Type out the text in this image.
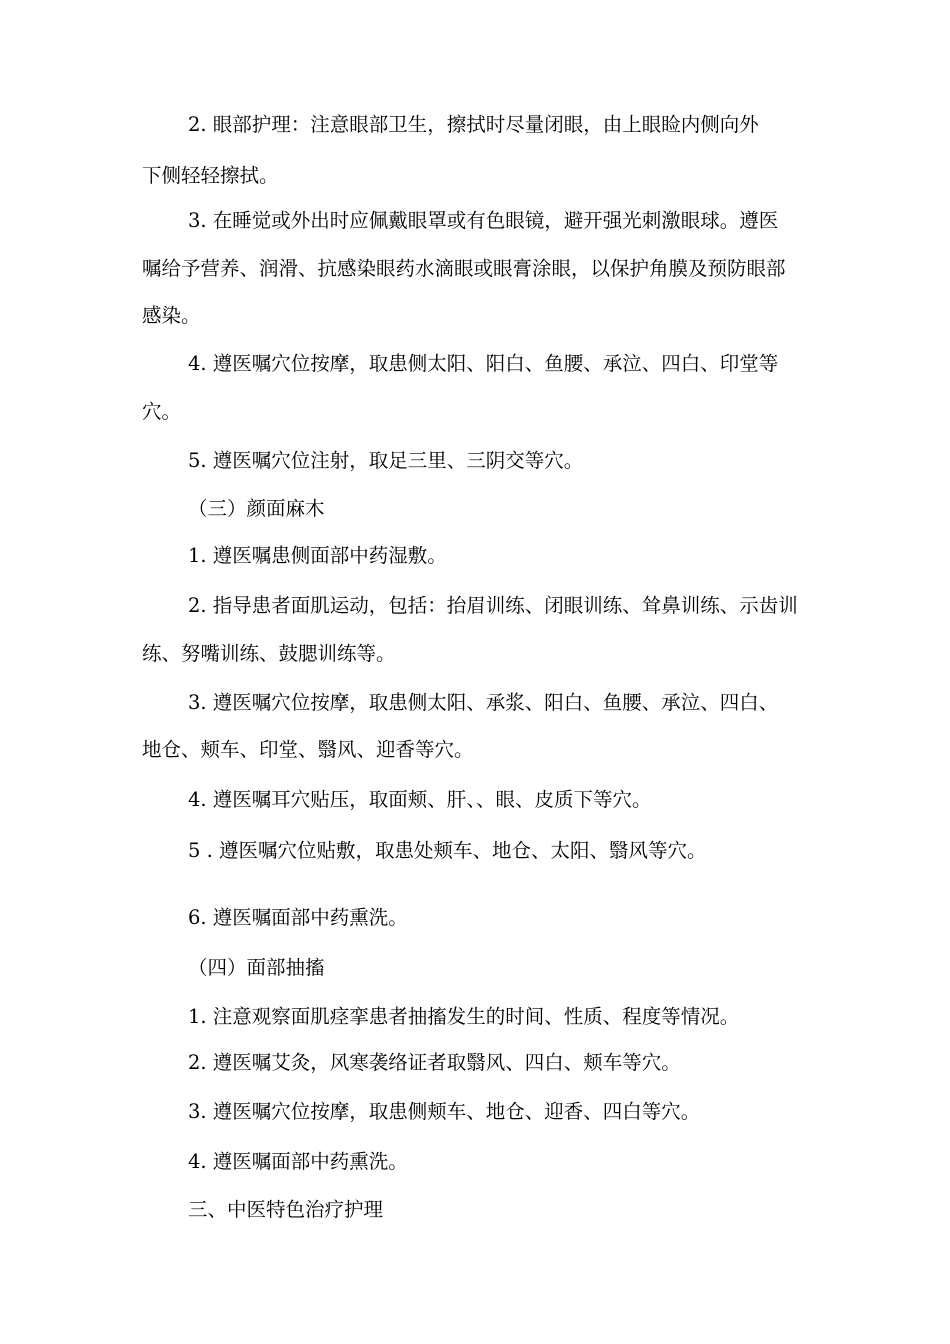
2. 眼部护理：注意眼部卫生，擦拭时尽量闭眼，由上眼睑内侧向外

下侧轻轻擦拭。

3. 在睡觉或外出时应佩戴眼罩或有色眼镜，避开强光刺激眼球。遵医

嘱给予营养、润滑、抗感染眼药水滴眼或眼膏涂眼，以保护角膜及预防眼部

感染。

4. 遵医嘱穴位按摩，取患侧太阳、阳白、鱼腰、承泣、四白、印堂等

穴。

5. 遵医嘱穴位注射，取足三里、三阴交等穴。

（三）颜面麻木

1. 遵医嘱患侧面部中药湿敷。

2. 指导患者面肌运动，包括：抬眉训练、闭眼训练、耸鼻训练、示齿训

练、努嘴训练、鼓腮训练等。

3. 遵医嘱穴位按摩，取患侧太阳、承浆、阳白、鱼腰、承泣、四白、

地仓、颊车、印堂、翳风、迎香等穴。

4. 遵医嘱耳穴贴压，取面颊、肝、、眼、皮质下等穴。

5 . 遵医嘱穴位贴敷，取患处颊车、地仓、太阳、翳风等穴。

6. 遵医嘱面部中药熏洗。

（四）面部抽搐

1. 注意观察面肌痉挛患者抽搐发生的时间、性质、程度等情况。

2. 遵医嘱艾灸，风寒袭络证者取翳风、四白、颊车等穴。

3. 遵医嘱穴位按摩，取患侧颊车、地仓、迎香、四白等穴。

4. 遵医嘱面部中药熏洗。

三、中医特色治疗护理
